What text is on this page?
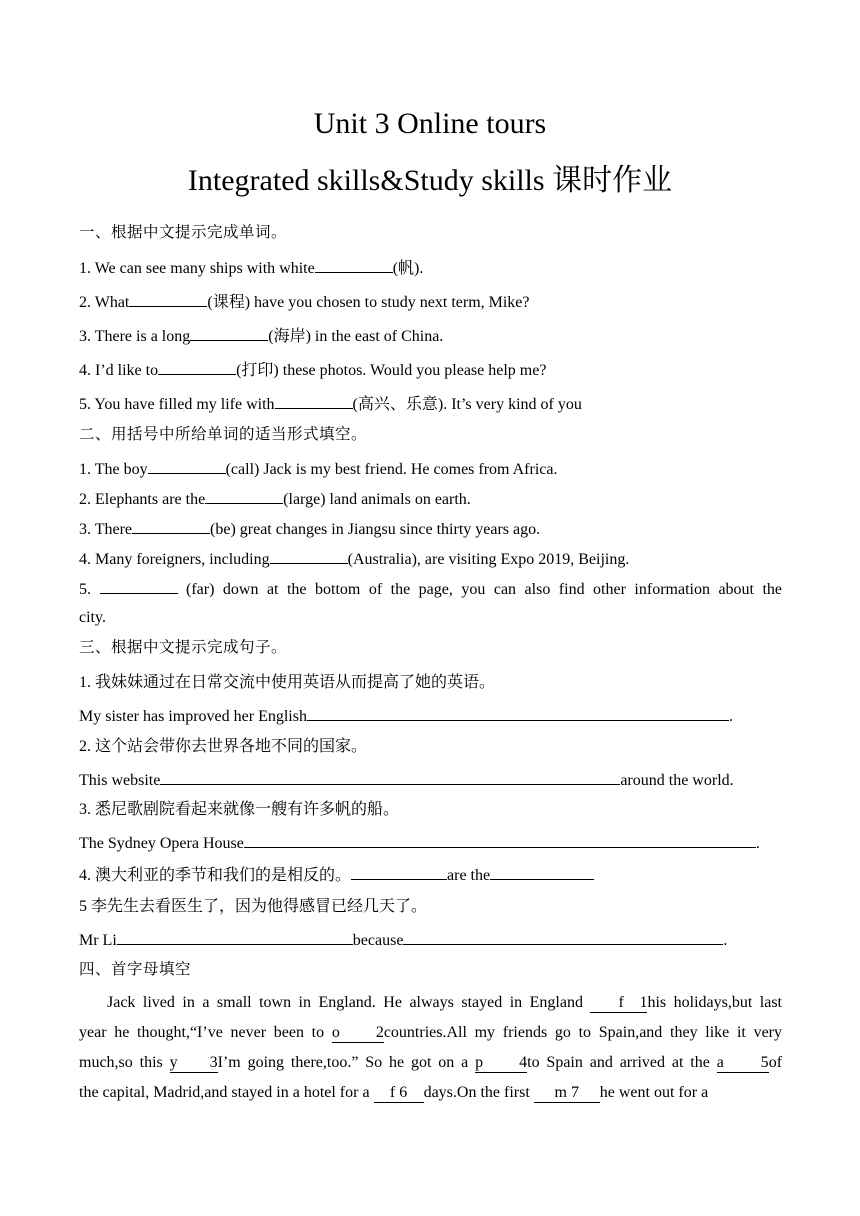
Unit 3 Online tours
Integrated skills&Study skills 课时作业
一、根据中文提示完成单词。
1. We can see many ships with white	(帆).
2. What	(课程) have you chosen to study next term, Mike?
3. There is a long	(海岸) in the east of China.
4. I’d like to	(打印) these photos. Would you please help me?
5. You have filled my life with	(高兴、乐意). It’s very kind of you
二、用括号中所给单词的适当形式填空。
1. The boy	(call) Jack is my best friend. He comes from Africa.
2. Elephants are the	(large) land animals on earth.
3. There	(be) great changes in Jiangsu since thirty years ago.
4. Many foreigners, including	(Australia), are visiting Expo 2019, Beijing.
5.	(far) down at the bottom of the page, you can also find other information about the
city.
三、根据中文提示完成句子。
1. 我妹妹通过在日常交流中使用英语从而提高了她的英语。
My sister has improved her English	.
2. 这个站会带你去世界各地不同的国家。
This website	around the world.
3. 悉尼歌剧院看起来就像一艘有许多帆的船。
The Sydney Opera House	.
4. 澳大利亚的季节和我们的是相反的。	are the
5 李先生去看医生了，因为他得感冒已经几天了。
Mr Li	because	.
四、首字母填空
Jack lived in a small town in England. He always stayed in England f 1his holidays,but last
year he thought,“I’ve never been to o 2countries.All my friends go to Spain,and they like it very
much,so this y 3I’m going there,too.” So he got on a p 4to Spain and arrived at the a 5of
the capital, Madrid,and stayed in a hotel for a f 6days.On the first m 7he went out for a
